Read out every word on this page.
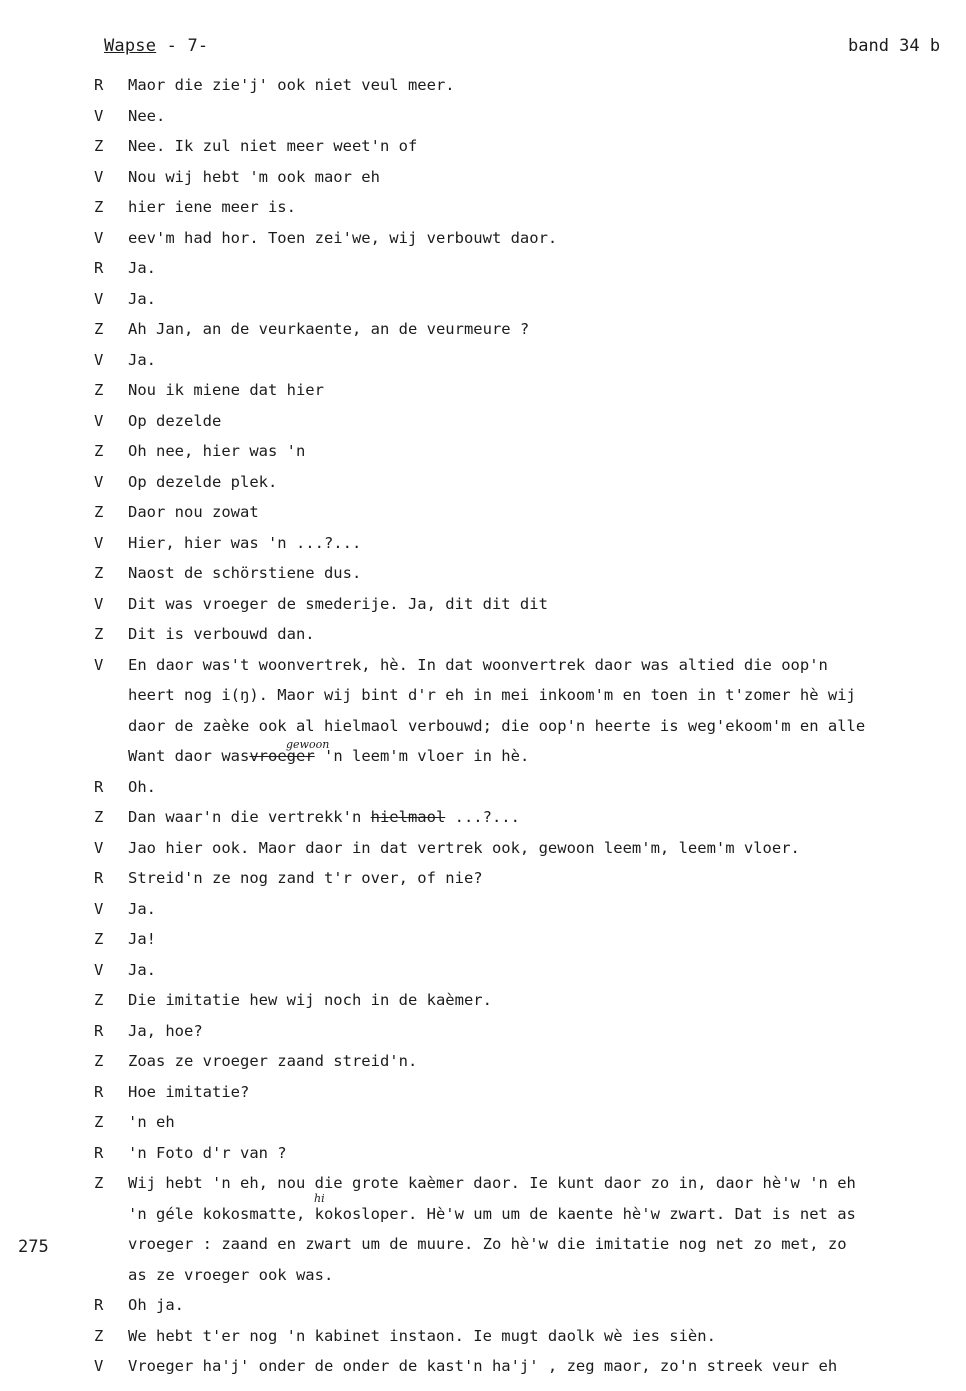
Wapse - 7-	band 34 b
275
gewoon
hi
R	Maor die zie'j' ook niet veul meer.
V	Nee.
Z	Nee. Ik zul niet meer weet'n of
V	Nou wij hebt 'm ook maor eh
Z	hier iene meer is.
V	eev'm had hor. Toen zei'we, wij verbouwt daor.
R	Ja.
V	Ja.
Z	Ah Jan, an de veurkaente, an de veurmeure ?
V	Ja.
Z	Nou ik miene dat hier
V	Op dezelde
Z	Oh nee, hier was 'n
V	Op dezelde plek.
Z	Daor nou zowat
V	Hier, hier was 'n ...?...
Z	Naost de schörstiene dus.
V	Dit was vroeger de smederije. Ja, dit dit dit
Z	Dit is verbouwd dan.
V	En daor was't woonvertrek, hè. In dat woonvertrek daor was altied die oop'n
heert nog i(ŋ). Maor wij bint d'r eh in mei inkoom'm en toen in t'zomer hè wij
daor de zaèke ook al hielmaol verbouwd; die oop'n heerte is weg'ekoom'm en alle
Want daor wasvroeger 'n leem'm vloer in hè.
R	Oh.
Z	Dan waar'n die vertrekk'n hielmaol ...?...
V	Jao hier ook. Maor daor in dat vertrek ook, gewoon leem'm, leem'm vloer.
R	Streid'n ze nog zand t'r over, of nie?
V	Ja.
Z	Ja!
V	Ja.
Z	Die imitatie hew wij noch in de kaèmer.
R	Ja, hoe?
Z	Zoas ze vroeger zaand streid'n.
R	Hoe imitatie?
Z	'n eh
R	'n Foto d'r van ?
Z	Wij hebt 'n eh, nou die grote kaèmer daor. Ie kunt daor zo in, daor hè'w 'n eh
'n géle kokosmatte, kokosloper. Hè'w um um de kaente hè'w zwart. Dat is net as
vroeger : zaand en zwart um de muure. Zo hè'w die imitatie nog net zo met, zo
as ze vroeger ook was.
R	Oh ja.
Z	We hebt t'er nog 'n kabinet instaon. Ie mugt daolk wè ies sièn.
V	Vroeger ha'j' onder de onder de kast'n ha'j' , zeg maor, zo'n streek veur eh
